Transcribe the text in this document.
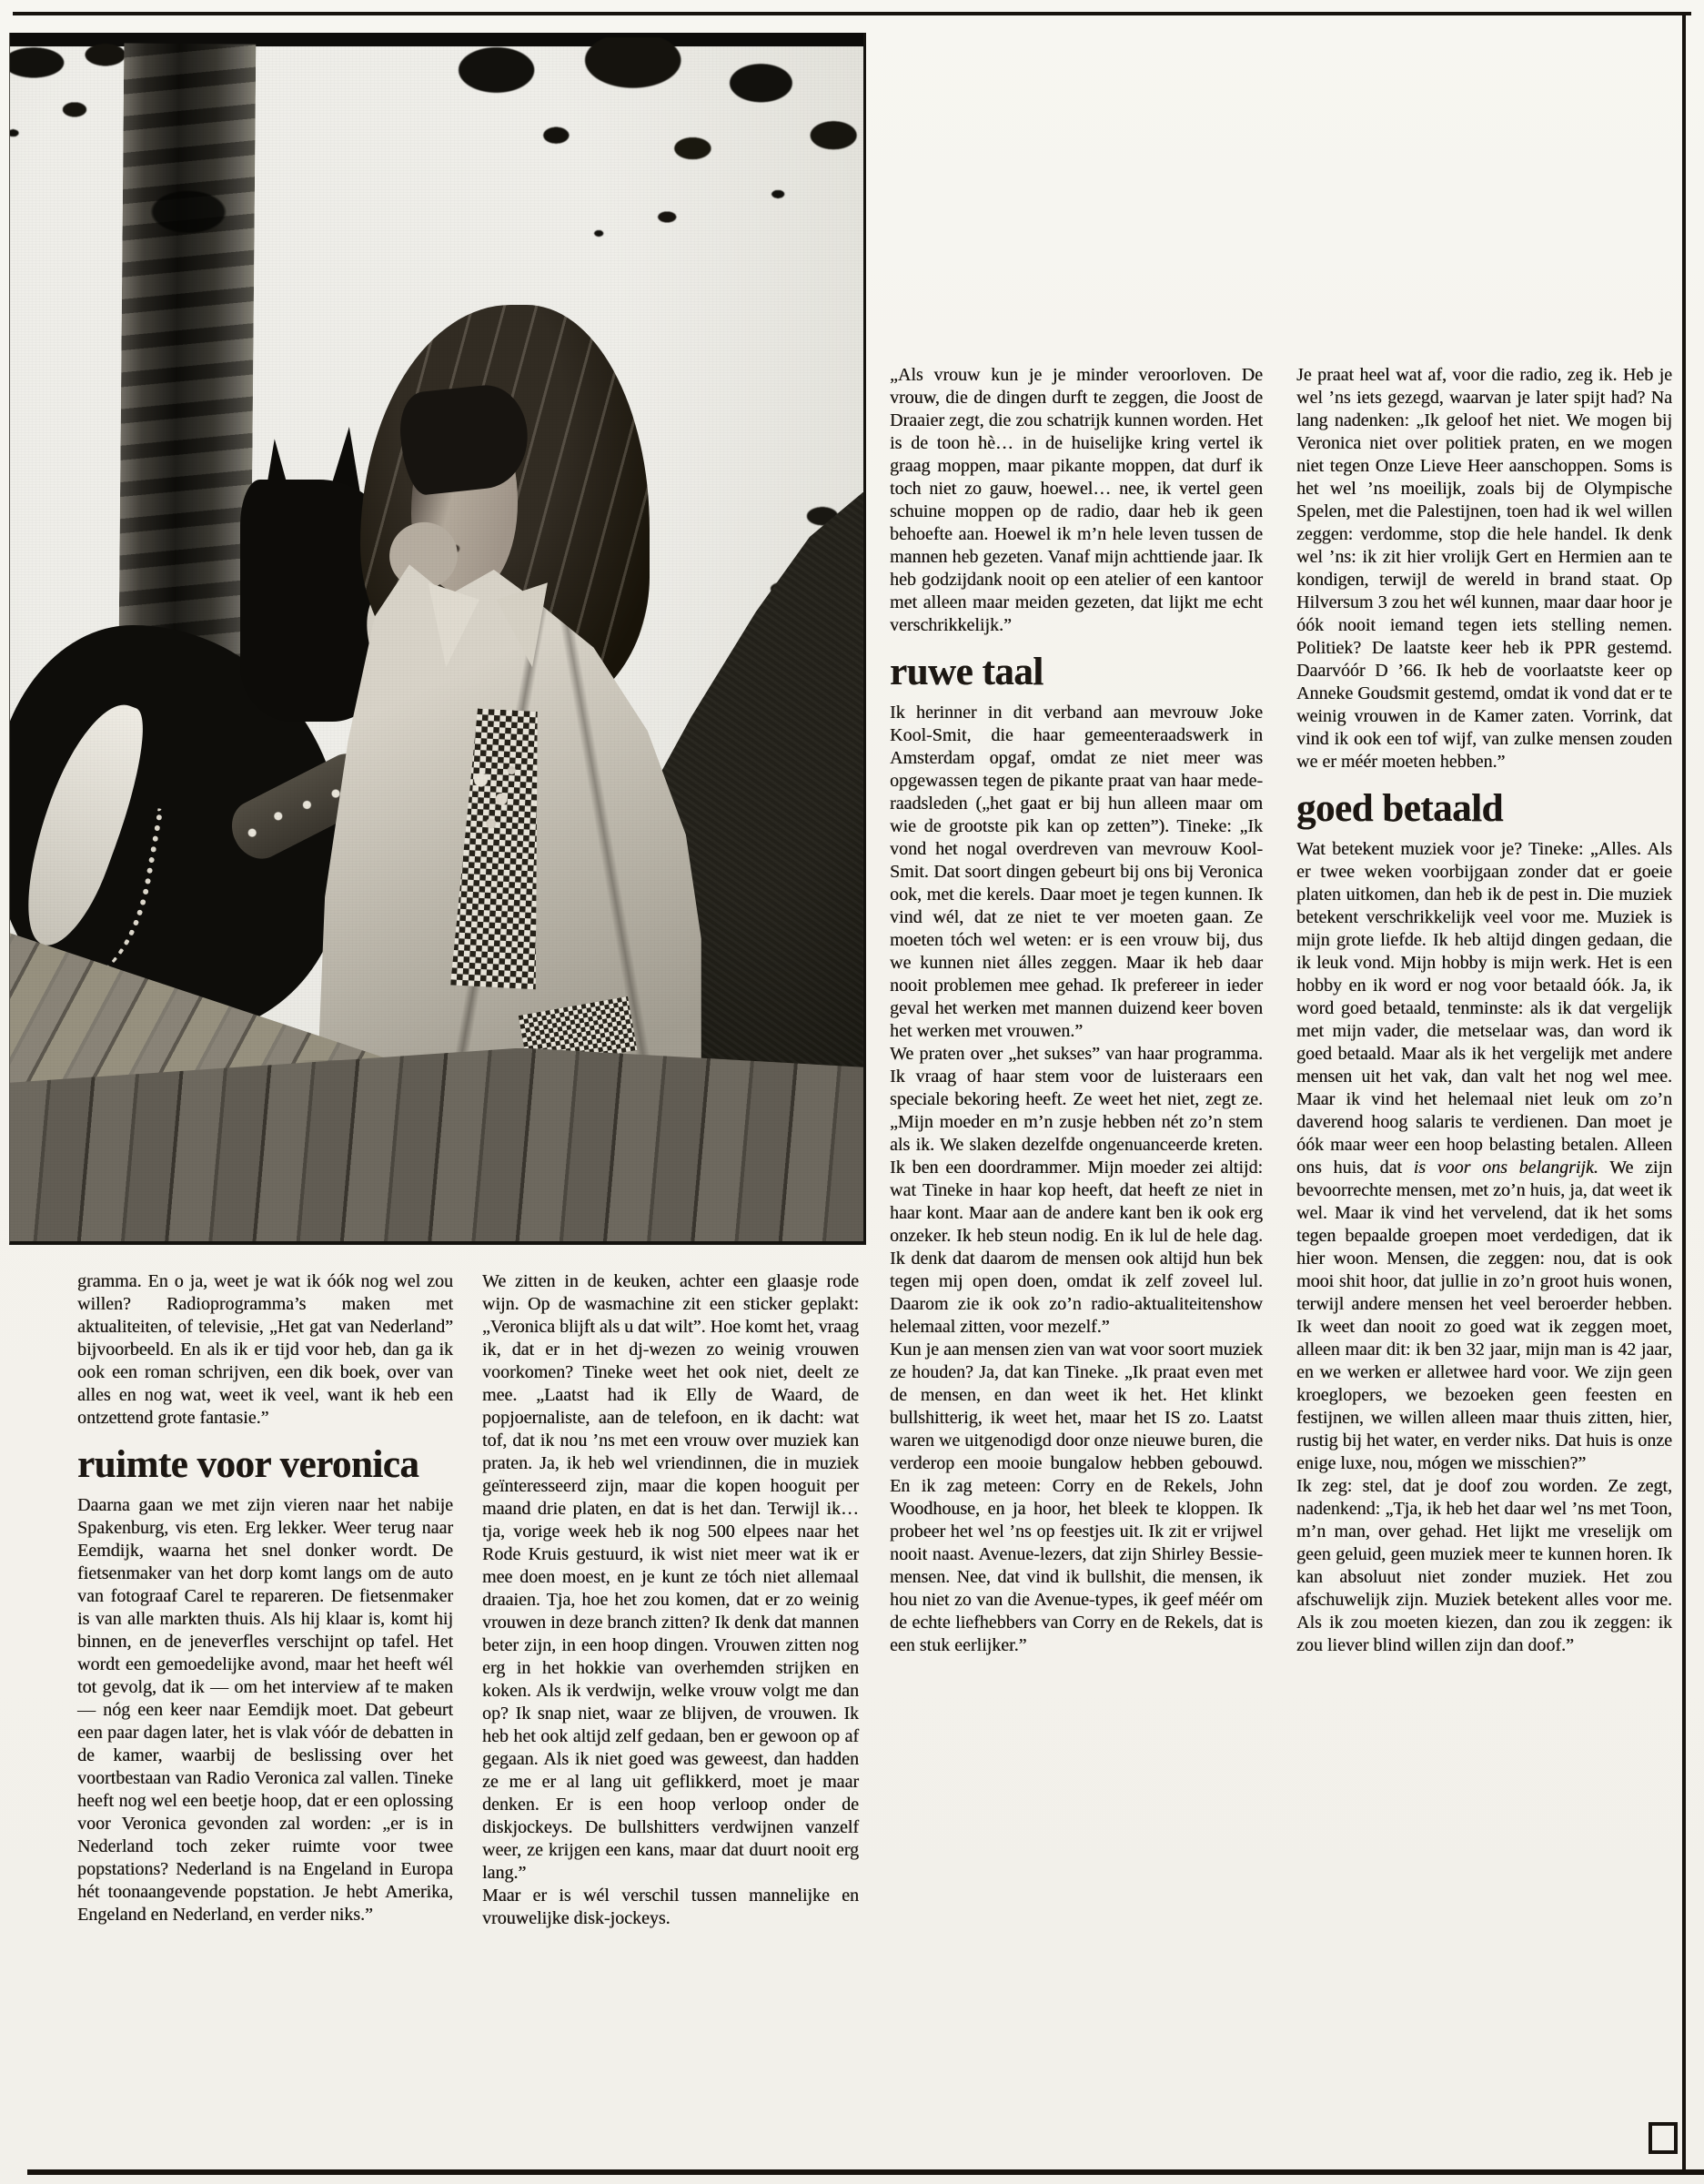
gramma. En o ja, weet je wat ik óók nog wel zou willen? Radioprogramma’s maken met aktualiteiten, of televisie, „Het gat van Nederland” bijvoorbeeld. En als ik er tijd voor heb, dan ga ik ook een roman schrijven, een dik boek, over van alles en nog wat, weet ik veel, want ik heb een ontzettend grote fantasie.”

ruimte voor veronica

Daarna gaan we met zijn vieren naar het nabije Spakenburg, vis eten. Erg lekker. Weer terug naar Eemdijk, waarna het snel donker wordt. De fietsenmaker van het dorp komt langs om de auto van fotograaf Carel te repareren. De fietsenmaker is van alle markten thuis. Als hij klaar is, komt hij binnen, en de jeneverfles verschijnt op tafel. Het wordt een gemoedelijke avond, maar het heeft wél tot gevolg, dat ik — om het interview af te maken — nóg een keer naar Eemdijk moet. Dat gebeurt een paar dagen later, het is vlak vóór de debatten in de kamer, waarbij de beslissing over het voortbestaan van Radio Veronica zal vallen. Tineke heeft nog wel een beetje hoop, dat er een oplossing voor Veronica gevonden zal worden: „er is in Nederland toch zeker ruimte voor twee popstations? Nederland is na Engeland in Europa hét toonaangevende popstation. Je hebt Amerika, Engeland en Nederland, en verder niks.”

We zitten in de keuken, achter een glaasje rode wijn. Op de wasmachine zit een sticker geplakt: „Veronica blijft als u dat wilt”. Hoe komt het, vraag ik, dat er in het dj-wezen zo weinig vrouwen voorkomen? Tineke weet het ook niet, deelt ze mee. „Laatst had ik Elly de Waard, de popjoernaliste, aan de telefoon, en ik dacht: wat tof, dat ik nou ’ns met een vrouw over muziek kan praten. Ja, ik heb wel vriendinnen, die in muziek geïnteresseerd zijn, maar die kopen hooguit per maand drie platen, en dat is het dan. Terwijl ik… tja, vorige week heb ik nog 500 elpees naar het Rode Kruis gestuurd, ik wist niet meer wat ik er mee doen moest, en je kunt ze tóch niet allemaal draaien. Tja, hoe het zou komen, dat er zo weinig vrouwen in deze branch zitten? Ik denk dat mannen beter zijn, in een hoop dingen. Vrouwen zitten nog erg in het hokkie van overhemden strijken en koken. Als ik verdwijn, welke vrouw volgt me dan op? Ik snap niet, waar ze blijven, de vrouwen. Ik heb het ook altijd zelf gedaan, ben er gewoon op af gegaan. Als ik niet goed was geweest, dan hadden ze me er al lang uit geflikkerd, moet je maar denken. Er is een hoop verloop onder de diskjockeys. De bullshitters verdwijnen vanzelf weer, ze krijgen een kans, maar dat duurt nooit erg lang.”

Maar er is wél verschil tussen mannelijke en vrouwelijke disk-jockeys.

„Als vrouw kun je je minder veroorloven. De vrouw, die de dingen durft te zeggen, die Joost de Draaier zegt, die zou schatrijk kunnen worden. Het is de toon hè… in de huiselijke kring vertel ik graag moppen, maar pikante moppen, dat durf ik toch niet zo gauw, hoewel… nee, ik vertel geen schuine moppen op de radio, daar heb ik geen behoefte aan. Hoewel ik m’n hele leven tussen de mannen heb gezeten. Vanaf mijn achttiende jaar. Ik heb godzijdank nooit op een atelier of een kantoor met alleen maar meiden gezeten, dat lijkt me echt verschrikkelijk.”

ruwe taal

Ik herinner in dit verband aan mevrouw Joke Kool-Smit, die haar gemeenteraadswerk in Amsterdam opgaf, omdat ze niet meer was opgewassen tegen de pikante praat van haar mede-raadsleden („het gaat er bij hun alleen maar om wie de grootste pik kan op zetten”). Tineke: „Ik vond het nogal overdreven van mevrouw Kool-Smit. Dat soort dingen gebeurt bij ons bij Veronica ook, met die kerels. Daar moet je tegen kunnen. Ik vind wél, dat ze niet te ver moeten gaan. Ze moeten tóch wel weten: er is een vrouw bij, dus we kunnen niet álles zeggen. Maar ik heb daar nooit problemen mee gehad. Ik prefereer in ieder geval het werken met mannen duizend keer boven het werken met vrouwen.”

We praten over „het sukses” van haar programma. Ik vraag of haar stem voor de luisteraars een speciale bekoring heeft. Ze weet het niet, zegt ze. „Mijn moeder en m’n zusje hebben nét zo’n stem als ik. We slaken dezelfde ongenuanceerde kreten. Ik ben een doordrammer. Mijn moeder zei altijd: wat Tineke in haar kop heeft, dat heeft ze niet in haar kont. Maar aan de andere kant ben ik ook erg onzeker. Ik heb steun nodig. En ik lul de hele dag. Ik denk dat daarom de mensen ook altijd hun bek tegen mij open doen, omdat ik zelf zoveel lul. Daarom zie ik ook zo’n radio-aktualiteitenshow helemaal zitten, voor mezelf.”

Kun je aan mensen zien van wat voor soort muziek ze houden? Ja, dat kan Tineke. „Ik praat even met de mensen, en dan weet ik het. Het klinkt bullshitterig, ik weet het, maar het IS zo. Laatst waren we uitgenodigd door onze nieuwe buren, die verderop een mooie bungalow hebben gebouwd. En ik zag meteen: Corry en de Rekels, John Woodhouse, en ja hoor, het bleek te kloppen. Ik probeer het wel ’ns op feestjes uit. Ik zit er vrijwel nooit naast. Avenue-lezers, dat zijn Shirley Bessie-mensen. Nee, dat vind ik bullshit, die mensen, ik hou niet zo van die Avenue-types, ik geef méér om de echte liefhebbers van Corry en de Rekels, dat is een stuk eerlijker.”

Je praat heel wat af, voor die radio, zeg ik. Heb je wel ’ns iets gezegd, waarvan je later spijt had? Na lang nadenken: „Ik geloof het niet. We mogen bij Veronica niet over politiek praten, en we mogen niet tegen Onze Lieve Heer aanschoppen. Soms is het wel ’ns moeilijk, zoals bij de Olympische Spelen, met die Palestijnen, toen had ik wel willen zeggen: verdomme, stop die hele handel. Ik denk wel ’ns: ik zit hier vrolijk Gert en Hermien aan te kondigen, terwijl de wereld in brand staat. Op Hilversum 3 zou het wél kunnen, maar daar hoor je óók nooit iemand tegen iets stelling nemen. Politiek? De laatste keer heb ik PPR gestemd. Daarvóór D ’66. Ik heb de voorlaatste keer op Anneke Goudsmit gestemd, omdat ik vond dat er te weinig vrouwen in de Kamer zaten. Vorrink, dat vind ik ook een tof wijf, van zulke mensen zouden we er méér moeten hebben.”

goed betaald

Wat betekent muziek voor je? Tineke: „Alles. Als er twee weken voorbijgaan zonder dat er goeie platen uitkomen, dan heb ik de pest in. Die muziek betekent verschrikkelijk veel voor me. Muziek is mijn grote liefde. Ik heb altijd dingen gedaan, die ik leuk vond. Mijn hobby is mijn werk. Het is een hobby en ik word er nog voor betaald óók. Ja, ik word goed betaald, tenminste: als ik dat vergelijk met mijn vader, die metselaar was, dan word ik goed betaald. Maar als ik het vergelijk met andere mensen uit het vak, dan valt het nog wel mee. Maar ik vind het helemaal niet leuk om zo’n daverend hoog salaris te verdienen. Dan moet je óók maar weer een hoop belasting betalen. Alleen ons huis, dat is voor ons belangrijk. We zijn bevoorrechte mensen, met zo’n huis, ja, dat weet ik wel. Maar ik vind het vervelend, dat ik het soms tegen bepaalde groepen moet verdedigen, dat ik hier woon. Mensen, die zeggen: nou, dat is ook mooi shit hoor, dat jullie in zo’n groot huis wonen, terwijl andere mensen het veel beroerder hebben. Ik weet dan nooit zo goed wat ik zeggen moet, alleen maar dit: ik ben 32 jaar, mijn man is 42 jaar, en we werken er alletwee hard voor. We zijn geen kroeglopers, we bezoeken geen feesten en festijnen, we willen alleen maar thuis zitten, hier, rustig bij het water, en verder niks. Dat huis is onze enige luxe, nou, mógen we misschien?”

Ik zeg: stel, dat je doof zou worden. Ze zegt, nadenkend: „Tja, ik heb het daar wel ’ns met Toon, m’n man, over gehad. Het lijkt me vreselijk om geen geluid, geen muziek meer te kunnen horen. Ik kan absoluut niet zonder muziek. Het zou afschuwelijk zijn. Muziek betekent alles voor me. Als ik zou moeten kiezen, dan zou ik zeggen: ik zou liever blind willen zijn dan doof.”
